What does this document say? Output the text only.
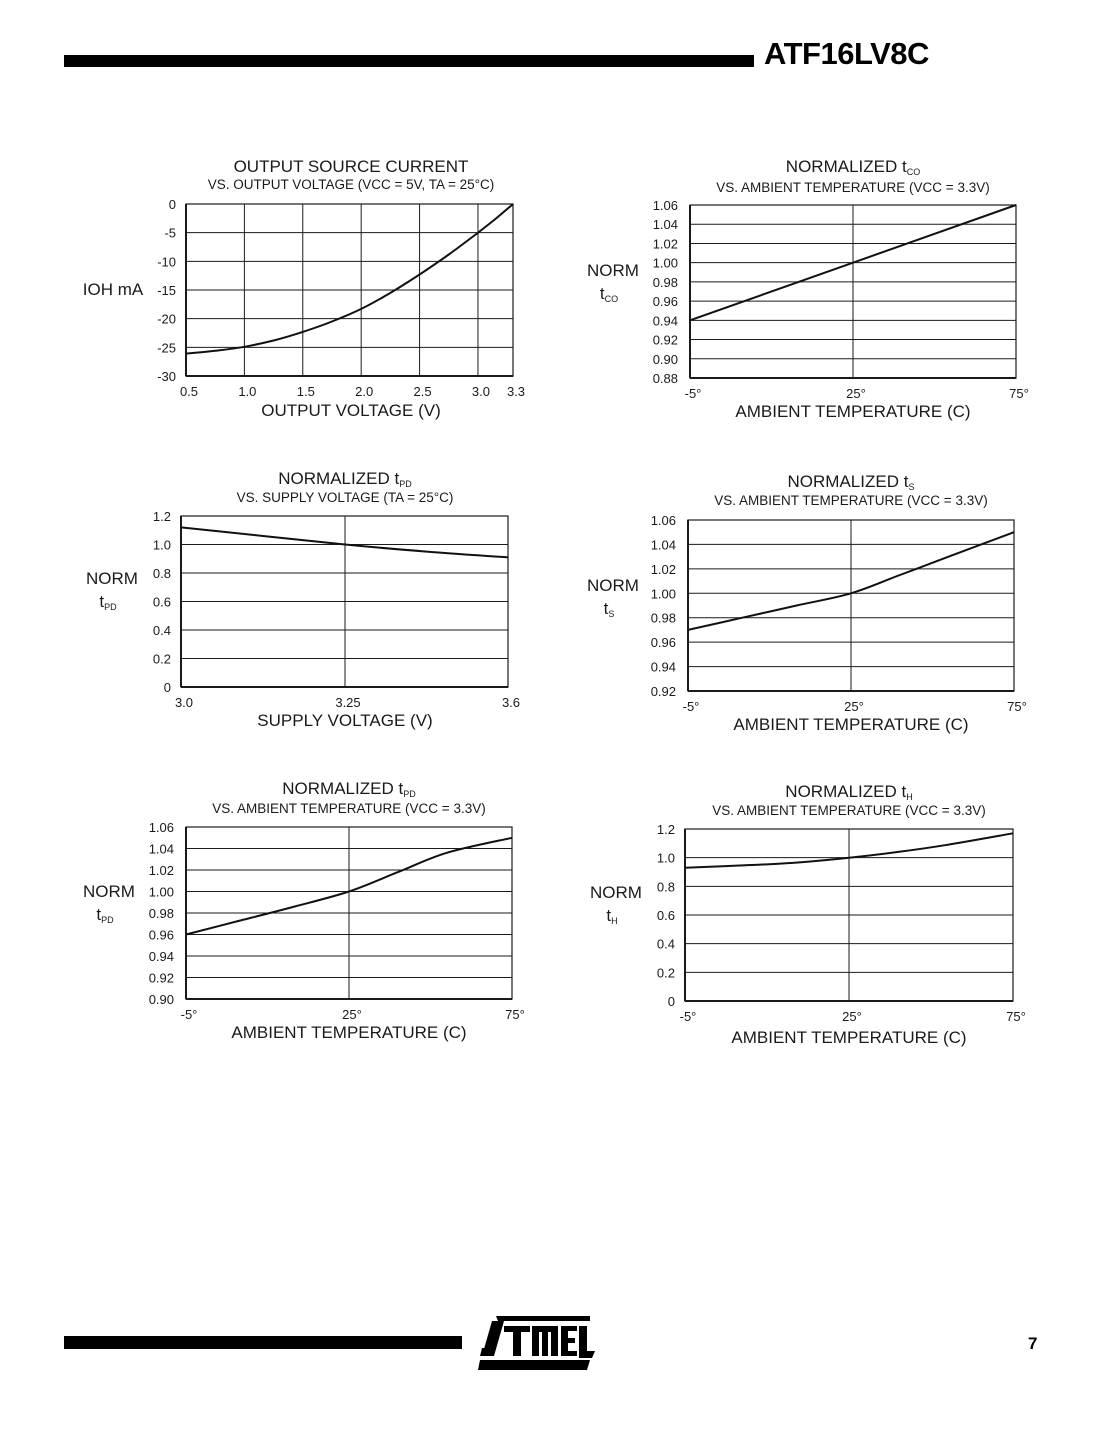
ATF16LV8C
0
-5
-10
-15
-20
-25
-30
0.5	1.0	1.5	2.0	2.5	3.0 3.3
OUTPUT SOURCE CURRENT
VS. OUTPUT VOLTAGE (VCC = 5V, TA = 25°C)
OUTPUT VOLTAGE (V)
IOH mA
1.06
1.04
1.02
1.00
0.98
0.96
0.94
0.92
0.90
0.88
-5°	25°	75°
NORMALIZED tCO
VS. AMBIENT TEMPERATURE (VCC = 3.3V)
AMBIENT TEMPERATURE (C)
NORM
tCO
1.2
1.0
0.8
0.6
0.4
0.2
0
3.0	3.25	3.6
NORMALIZED tPD
VS. SUPPLY VOLTAGE (TA = 25°C)
SUPPLY VOLTAGE (V)
NORM
tPD
1.06
1.04
1.02
1.00
0.98
0.96
0.94
0.92
-5°	25°	75°
NORMALIZED tS
VS. AMBIENT TEMPERATURE (VCC = 3.3V)
AMBIENT TEMPERATURE (C)
NORM
tS
1.06
1.04
1.02
1.00
0.98
0.96
0.94
0.92
0.90
-5°	25°	75°
NORMALIZED tPD
VS. AMBIENT TEMPERATURE (VCC = 3.3V)
AMBIENT TEMPERATURE (C)
NORM
tPD
1.2
1.0
0.8
0.6
0.4
0.2
0
-5°	25°	75°
NORMALIZED tH
VS. AMBIENT TEMPERATURE (VCC = 3.3V)
AMBIENT TEMPERATURE (C)
NORM
tH
7
